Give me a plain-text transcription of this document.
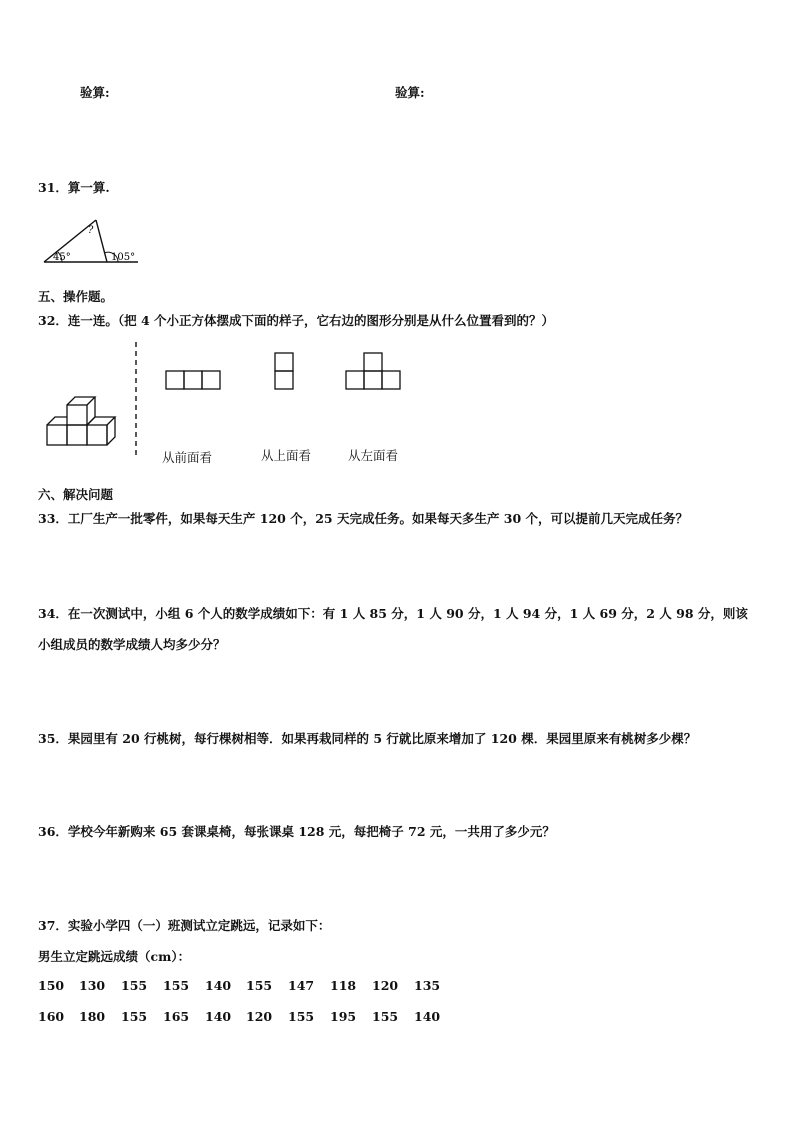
验算:	验算:
31．算一算.
?
45°	105°
五、操作题。
32．连一连。（把 4 个小正方体摆成下面的样子，它右边的图形分别是从什么位置看到的？）
从前面看	从上面看	从左面看
六、解决问题
33．工厂生产一批零件，如果每天生产 120 个，25 天完成任务。如果每天多生产 30 个，可以提前几天完成任务？
34．在一次测试中，小组 6 个人的数学成绩如下：有 1 人 85 分，1 人 90 分，1 人 94 分，1 人 69 分，2 人 98 分，则该
小组成员的数学成绩人均多少分？
35．果园里有 20 行桃树，每行棵树相等．如果再栽同样的 5 行就比原来增加了 120 棵．果园里原来有桃树多少棵？
36．学校今年新购来 65 套课桌椅，每张课桌 128 元，每把椅子 72 元，一共用了多少元？
37．实验小学四（一）班测试立定跳远，记录如下：
男生立定跳远成绩（cm）：
150 130 155 155 140 155 147 118 120 135
160 180 155 165 140 120 155 195 155 140
